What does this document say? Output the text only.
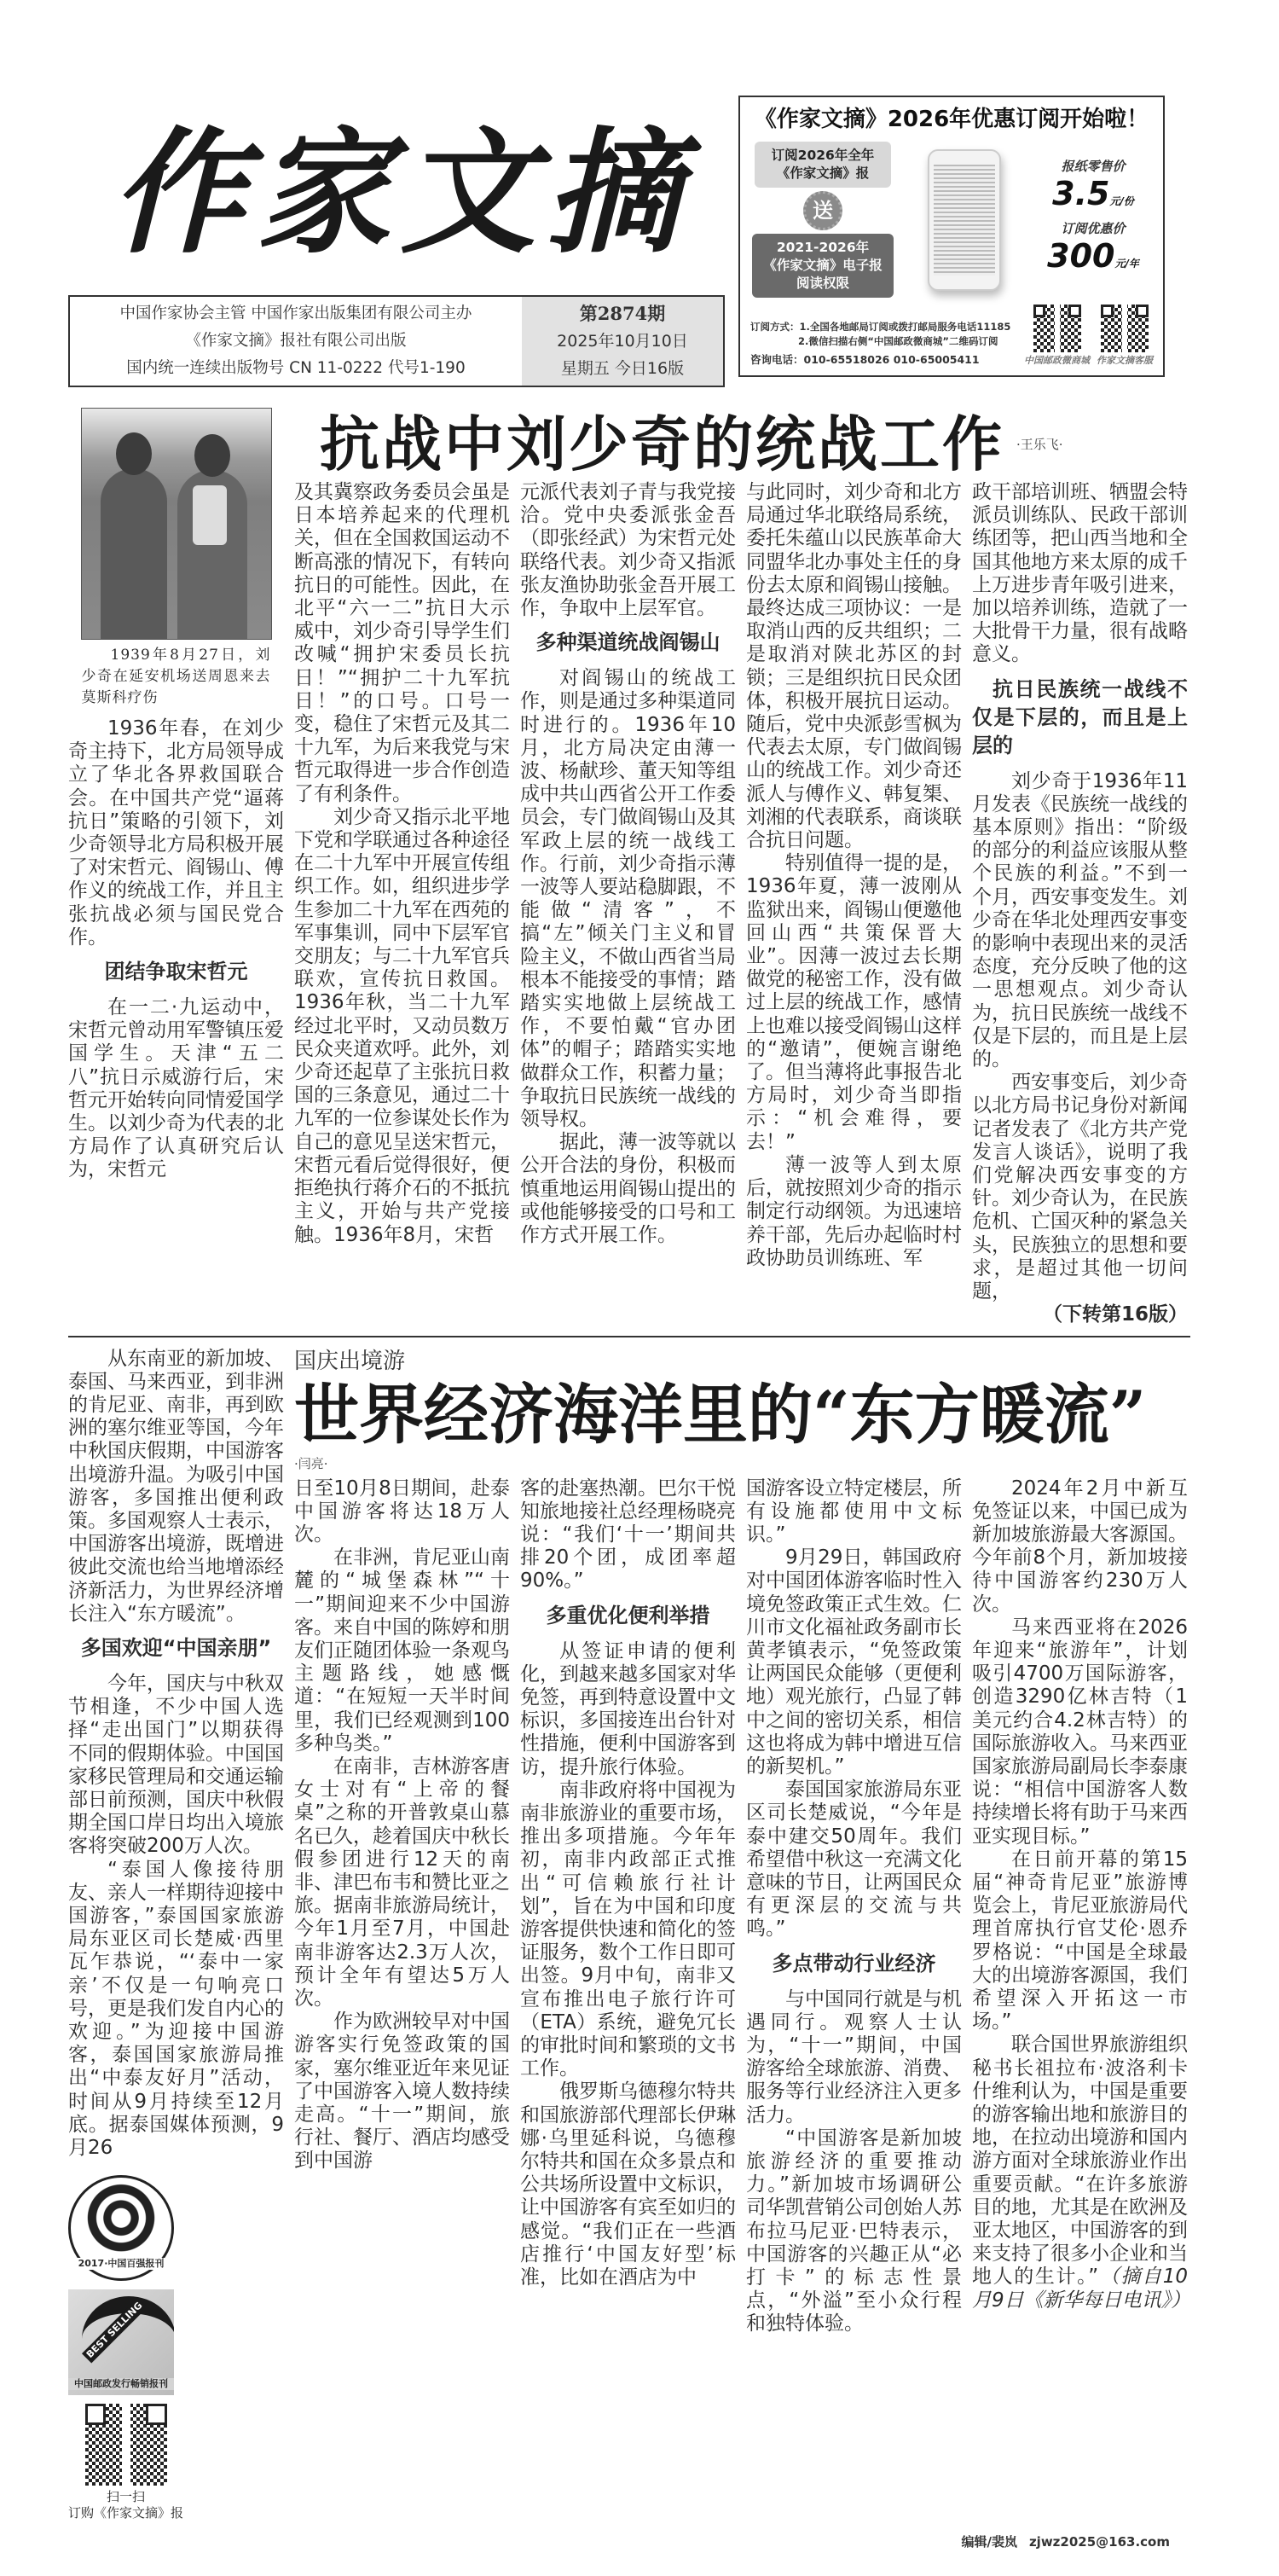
作家文摘
中国作家协会主管 中国作家出版集团有限公司主办
《作家文摘》报社有限公司出版
国内统一连续出版物号 CN 11-0222 代号1-190
第2874期
2025年10月10日
星期五 今日16版
《作家文摘》2026年优惠订阅开始啦！
订阅2026年全年
《作家文摘》报
送
2021-2026年
《作家文摘》电子报
阅读权限
报纸零售价
3.5元/份
订阅优惠价
300元/年
订阅方式：1.全国各地邮局订阅或拨打邮局服务电话11185
2.微信扫描右侧“中国邮政微商城”二维码订阅
咨询电话：010-65518026 010-65005411	中国邮政微商城 作家文摘客服
1939年8月27日，刘少奇在延安机场送周恩来去莫斯科疗伤

1936年春，在刘少奇主持下，北方局领导成立了华北各界救国联合会。在中国共产党“逼蒋抗日”策略的引领下，刘少奇领导北方局积极开展了对宋哲元、阎锡山、傅作义的统战工作，并且主张抗战必须与国民党合作。

团结争取宋哲元

在一二·九运动中，宋哲元曾动用军警镇压爱国学生。天津“五二八”抗日示威游行后，宋哲元开始转向同情爱国学生。以刘少奇为代表的北方局作了认真研究后认为，宋哲元

抗战中刘少奇的统战工作 ·王乐飞·

及其冀察政务委员会虽是日本培养起来的代理机关，但在全国救国运动不断高涨的情况下，有转向抗日的可能性。因此，在北平“六一二”抗日大示威中，刘少奇引导学生们改喊“拥护宋委员长抗日！”“拥护二十九军抗日！”的口号。口号一变，稳住了宋哲元及其二十九军，为后来我党与宋哲元取得进一步合作创造了有利条件。

刘少奇又指示北平地下党和学联通过各种途径在二十九军中开展宣传组织工作。如，组织进步学生参加二十九军在西苑的军事集训，同中下层军官交朋友；与二十九军官兵联欢，宣传抗日救国。1936年秋，当二十九军经过北平时，又动员数万民众夹道欢呼。此外，刘少奇还起草了主张抗日救国的三条意见，通过二十九军的一位参谋处长作为自己的意见呈送宋哲元，宋哲元看后觉得很好，便拒绝执行蒋介石的不抵抗主义，开始与共产党接触。1936年8月，宋哲

元派代表刘子青与我党接洽。党中央委派张金吾（即张经武）为宋哲元处联络代表。刘少奇又指派张友渔协助张金吾开展工作，争取中上层军官。

多种渠道统战阎锡山

对阎锡山的统战工作，则是通过多种渠道同时进行的。1936年10月，北方局决定由薄一波、杨献珍、董天知等组成中共山西省公开工作委员会，专门做阎锡山及其军政上层的统一战线工作。行前，刘少奇指示薄一波等人要站稳脚跟，不能做“清客”，不搞“左”倾关门主义和冒险主义，不做山西省当局根本不能接受的事情；踏踏实实地做上层统战工作，不要怕戴“官办团体”的帽子；踏踏实实地做群众工作，积蓄力量；争取抗日民族统一战线的领导权。

据此，薄一波等就以公开合法的身份，积极而慎重地运用阎锡山提出的或他能够接受的口号和工作方式开展工作。

与此同时，刘少奇和北方局通过华北联络局系统，委托朱蕴山以民族革命大同盟华北办事处主任的身份去太原和阎锡山接触。最终达成三项协议：一是取消山西的反共组织；二是取消对陕北苏区的封锁；三是组织抗日民众团体，积极开展抗日运动。随后，党中央派彭雪枫为代表去太原，专门做阎锡山的统战工作。刘少奇还派人与傅作义、韩复榘、刘湘的代表联系，商谈联合抗日问题。

特别值得一提的是，1936年夏，薄一波刚从监狱出来，阎锡山便邀他回山西“共策保晋大业”。因薄一波过去长期做党的秘密工作，没有做过上层的统战工作，感情上也难以接受阎锡山这样的“邀请”，便婉言谢绝了。但当薄将此事报告北方局时，刘少奇当即指示：“机会难得，要去！”

薄一波等人到太原后，就按照刘少奇的指示制定行动纲领。为迅速培养干部，先后办起临时村政协助员训练班、军

政干部培训班、牺盟会特派员训练队、民政干部训练团等，把山西当地和全国其他地方来太原的成千上万进步青年吸引进来，加以培养训练，造就了一大批骨干力量，很有战略意义。

抗日民族统一战线不仅是下层的，而且是上层的

刘少奇于1936年11月发表《民族统一战线的基本原则》指出：“阶级的部分的利益应该服从整个民族的利益。”不到一个月，西安事变发生。刘少奇在华北处理西安事变的影响中表现出来的灵活态度，充分反映了他的这一思想观点。刘少奇认为，抗日民族统一战线不仅是下层的，而且是上层的。

西安事变后，刘少奇以北方局书记身份对新闻记者发表了《北方共产党发言人谈话》，说明了我们党解决西安事变的方针。刘少奇认为，在民族危机、亡国灭种的紧急关头，民族独立的思想和要求，是超过其他一切问题，
（下转第16版）

从东南亚的新加坡、泰国、马来西亚，到非洲的肯尼亚、南非，再到欧洲的塞尔维亚等国，今年中秋国庆假期，中国游客出境游升温。为吸引中国游客，多国推出便利政策。多国观察人士表示，中国游客出境游，既增进彼此交流也给当地增添经济新活力，为世界经济增长注入“东方暖流”。

多国欢迎“中国亲朋”

今年，国庆与中秋双节相逢，不少中国人选择“走出国门”以期获得不同的假期体验。中国国家移民管理局和交通运输部日前预测，国庆中秋假期全国口岸日均出入境旅客将突破200万人次。

“泰国人像接待朋友、亲人一样期待迎接中国游客，”泰国国家旅游局东亚区司长楚威·西里瓦乍恭说，“‘泰中一家亲’不仅是一句响亮口号，更是我们发自内心的欢迎。”为迎接中国游客，泰国国家旅游局推出“中泰友好月”活动，时间从9月持续至12月底。据泰国媒体预测，9月26

2017·中国百强报刊
BEST SELLING
中国邮政发行畅销报刊
扫一扫
订购《作家文摘》报
国庆出境游
世界经济海洋里的“东方暖流”
·闫亮·

日至10月8日期间，赴泰中国游客将达18万人次。

在非洲，肯尼亚山南麓的“城堡森林”“十一”期间迎来不少中国游客。来自中国的陈婷和朋友们正随团体验一条观鸟主题路线，她感慨道：“在短短一天半时间里，我们已经观测到100多种鸟类。”

在南非，吉林游客唐女士对有“上帝的餐桌”之称的开普敦桌山慕名已久，趁着国庆中秋长假参团进行12天的南非、津巴布韦和赞比亚之旅。据南非旅游局统计，今年1月至7月，中国赴南非游客达2.3万人次，预计全年有望达5万人次。

作为欧洲较早对中国游客实行免签政策的国家，塞尔维亚近年来见证了中国游客入境人数持续走高。“十一”期间，旅行社、餐厅、酒店均感受到中国游

客的赴塞热潮。巴尔干悦知旅地接社总经理杨晓亮说：“我们‘十一’期间共排20个团，成团率超90%。”

多重优化便利举措

从签证申请的便利化，到越来越多国家对华免签，再到特意设置中文标识，多国接连出台针对性措施，便利中国游客到访，提升旅行体验。

南非政府将中国视为南非旅游业的重要市场，推出多项措施。今年年初，南非内政部正式推出“可信赖旅行社计划”，旨在为中国和印度游客提供快速和简化的签证服务，数个工作日即可出签。9月中旬，南非又宣布推出电子旅行许可（ETA）系统，避免冗长的审批时间和繁琐的文书工作。

俄罗斯乌德穆尔特共和国旅游部代理部长伊琳娜·乌里延科说，乌德穆尔特共和国在众多景点和公共场所设置中文标识，让中国游客有宾至如归的感觉。“我们正在一些酒店推行‘中国友好型’标准，比如在酒店为中

国游客设立特定楼层，所有设施都使用中文标识。”

9月29日，韩国政府对中国团体游客临时性入境免签政策正式生效。仁川市文化福祉政务副市长黄孝镇表示，“免签政策让两国民众能够（更便利地）观光旅行，凸显了韩中之间的密切关系，相信这也将成为韩中增进互信的新契机。”

泰国国家旅游局东亚区司长楚威说，“今年是泰中建交50周年。我们希望借中秋这一充满文化意味的节日，让两国民众有更深层的交流与共鸣。”

多点带动行业经济

与中国同行就是与机遇同行。观察人士认为，“十一”期间，中国游客给全球旅游、消费、服务等行业经济注入更多活力。

“中国游客是新加坡旅游经济的重要推动力。”新加坡市场调研公司华凯营销公司创始人苏布拉马尼亚·巴特表示，中国游客的兴趣正从“必打卡”的标志性景点，“外溢”至小众行程和独特体验。

2024年2月中新互免签证以来，中国已成为新加坡旅游最大客源国。今年前8个月，新加坡接待中国游客约230万人次。

马来西亚将在2026年迎来“旅游年”，计划吸引4700万国际游客，创造3290亿林吉特（1美元约合4.2林吉特）的国际旅游收入。马来西亚国家旅游局副局长李泰康说：“相信中国游客人数持续增长将有助于马来西亚实现目标。”

在日前开幕的第15届“神奇肯尼亚”旅游博览会上，肯尼亚旅游局代理首席执行官艾伦·恩乔罗格说：“中国是全球最大的出境游客源国，我们希望深入开拓这一市场。”

联合国世界旅游组织秘书长祖拉布·波洛利卡什维利认为，中国是重要的游客输出地和旅游目的地，在拉动出境游和国内游方面对全球旅游业作出重要贡献。“在许多旅游目的地，尤其是在欧洲及亚太地区，中国游客的到来支持了很多小企业和当地人的生计。”（摘自10月9日《新华每日电讯》）

编辑/裴岚 zjwz2025@163.com
